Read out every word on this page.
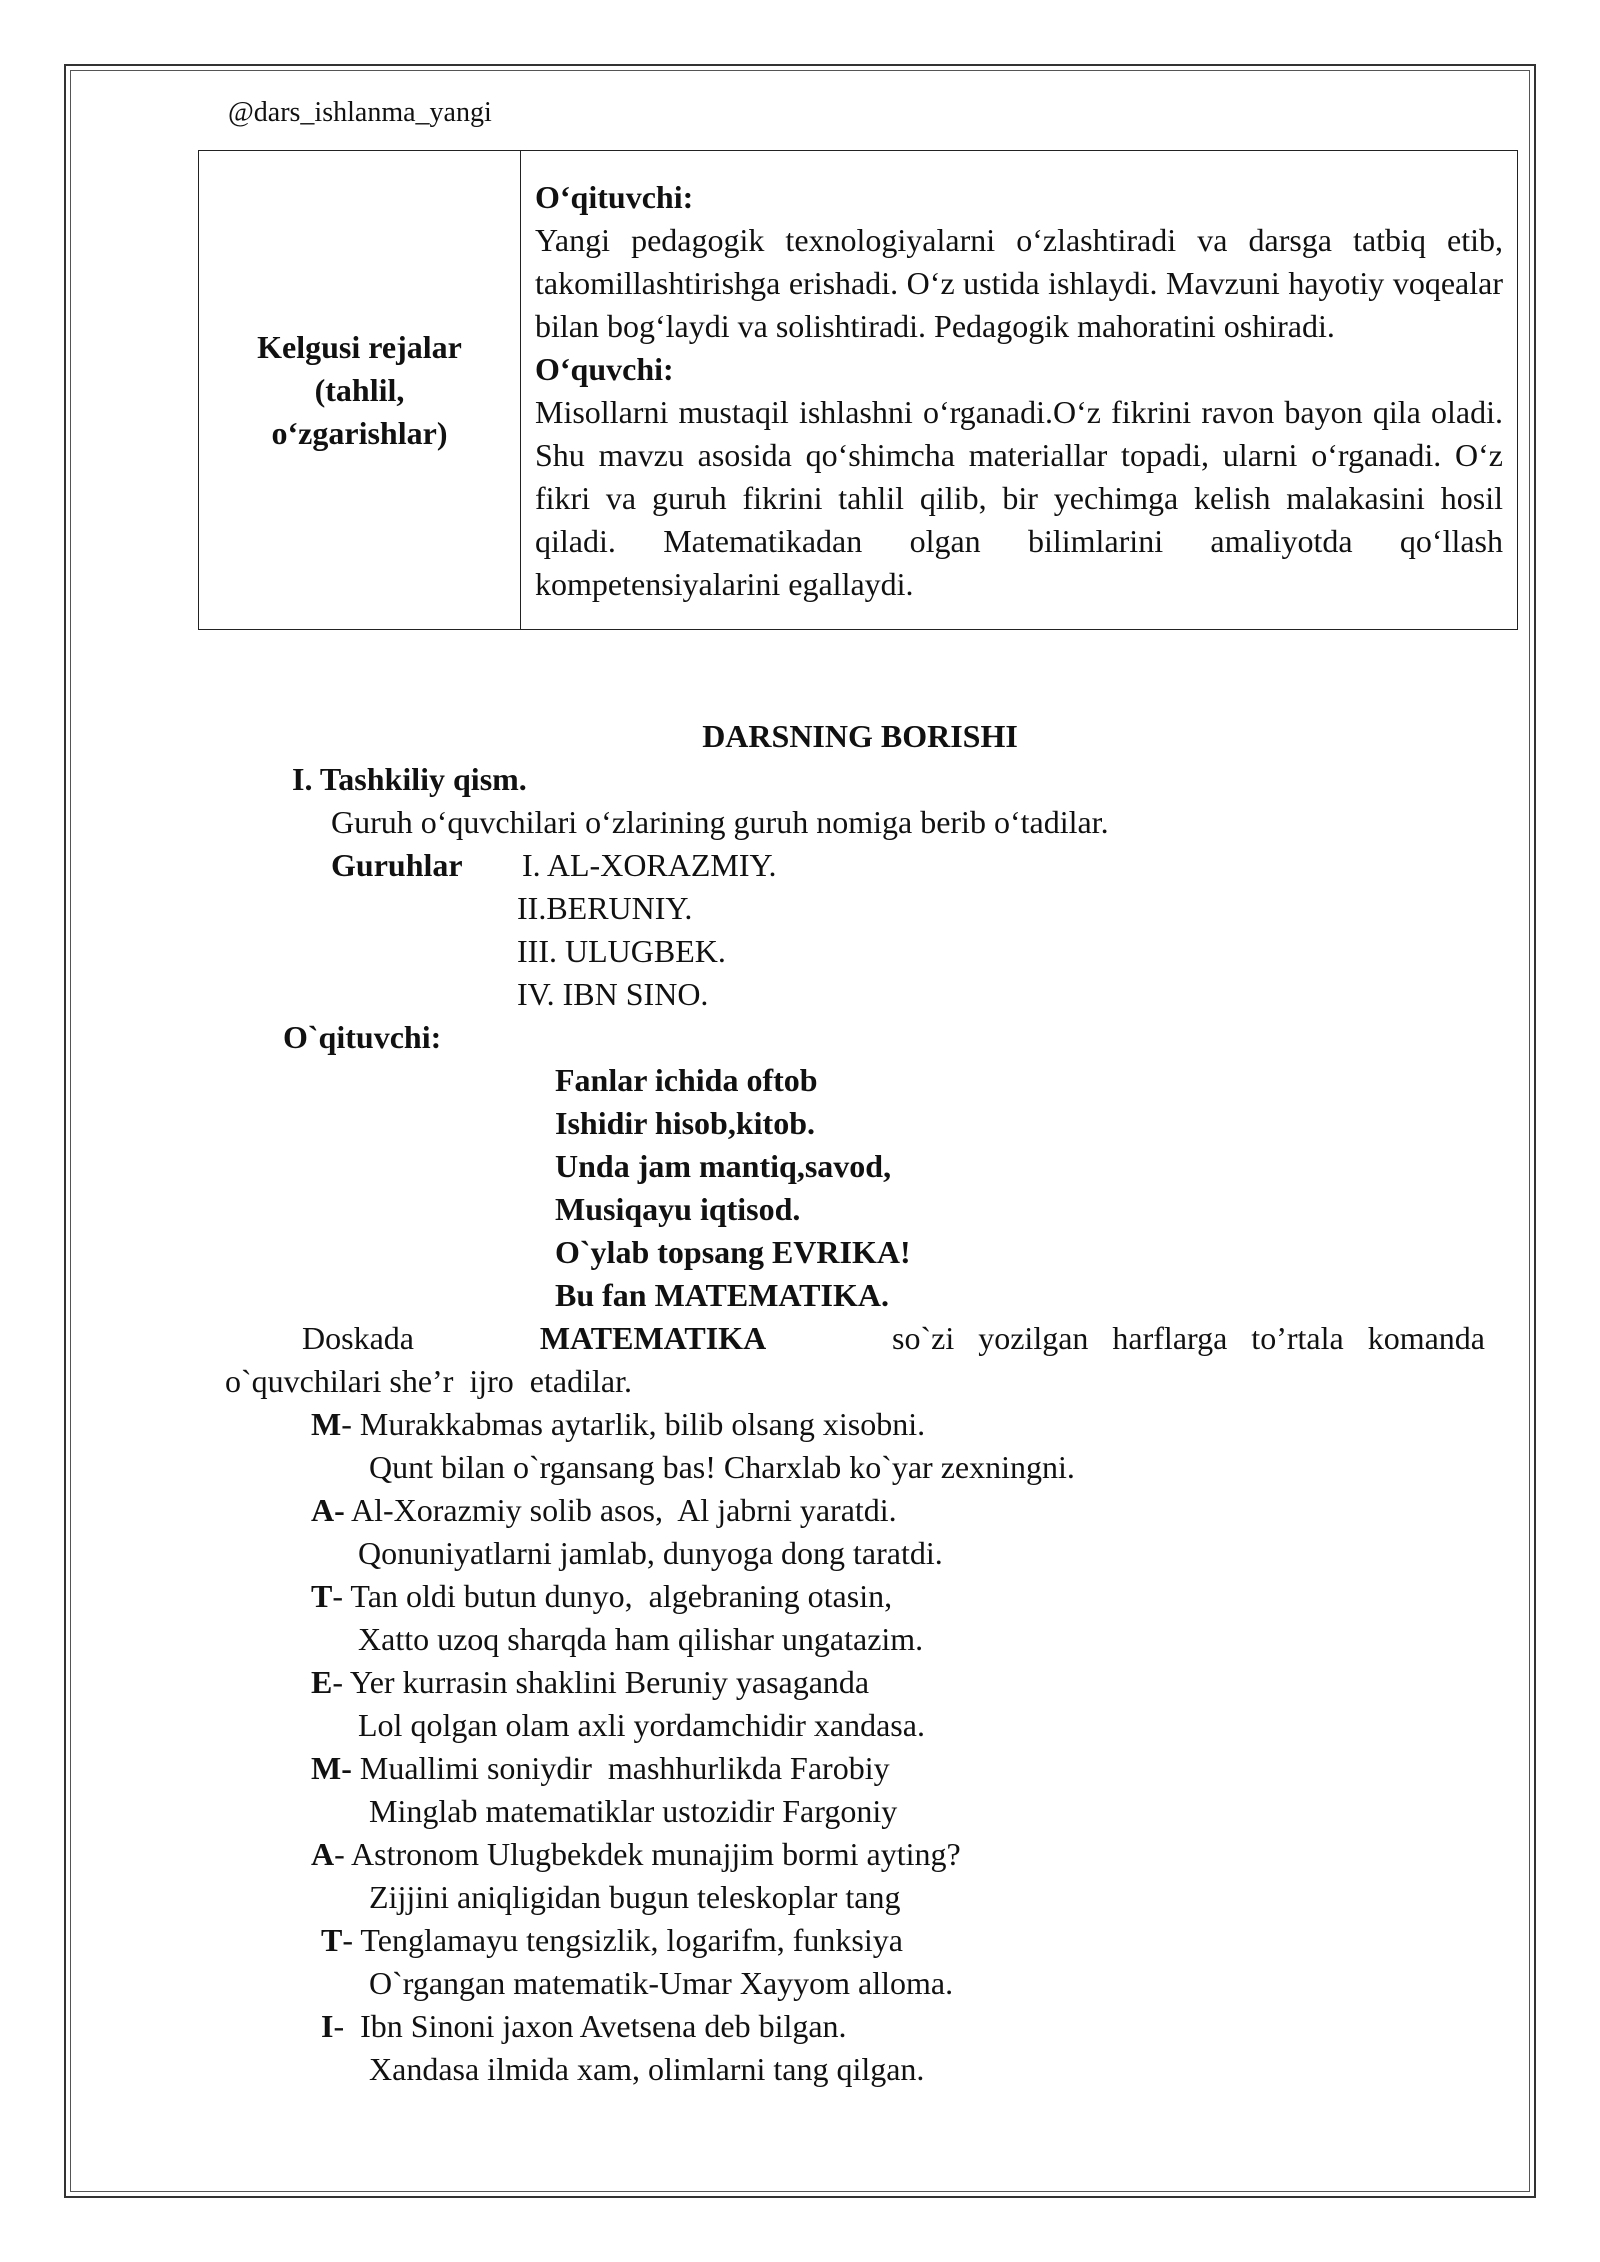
@dars_ishlanma_yangi
Kelgusi rejalar
(tahlil,
o‘zgarishlar)

O‘qituvchi:
Yangi pedagogik texnologiyalarni o‘zlashtiradi va darsga tatbiq etib, takomillashtirishga erishadi. O‘z ustida ishlaydi. Mavzuni hayotiy voqealar bilan bog‘laydi va solishtiradi. Pedagogik mahoratini oshiradi.
O‘quvchi:
Misollarni mustaqil ishlashni o‘rganadi.O‘z fikrini ravon bayon qila oladi. Shu mavzu asosida qo‘shimcha materiallar topadi, ularni o‘rganadi. O‘z fikri va guruh fikrini tahlil qilib, bir yechimga kelish malakasini hosil qiladi. Matematikadan olgan bilimlarini amaliyotda qo‘llash kompetensiyalarini egallaydi.
DARSNING BORISHI
I. Tashkiliy qism.
Guruh o‘quvchilari o‘zlarining guruh nomiga berib o‘tadilar.
Guruhlar I. AL-XORAZMIY.
II.BERUNIY.
III. ULUGBEK.
IV. IBN SINO.
O`qituvchi:
Fanlar ichida oftob
Ishidir hisob,kitob.
Unda jam mantiq,savod,
Musiqayu iqtisod.
O`ylab topsang EVRIKA!
Bu fan MATEMATIKA.
Doskada	MATEMATIKA	so`zi   yozilgan   harflarga   to’rtala   komanda
o`quvchilari she’r  ijro  etadilar.
M- Murakkabmas aytarlik, bilib olsang xisobni.
Qunt bilan o`rgansang bas! Charxlab ko`yar zexningni.
A- Al-Xorazmiy solib asos,  Al jabrni yaratdi.
Qonuniyatlarni jamlab, dunyoga dong taratdi.
T- Tan oldi butun dunyo,  algebraning otasin,
Xatto uzoq sharqda ham qilishar ungatazim.
E- Yer kurrasin shaklini Beruniy yasaganda
Lol qolgan olam axli yordamchidir xandasa.
M- Muallimi soniydir  mashhurlikda Farobiy
Minglab matematiklar ustozidir Fargoniy
A- Astronom Ulugbekdek munajjim bormi ayting?
Zijjini aniqligidan bugun teleskoplar tang
T- Tenglamayu tengsizlik, logarifm, funksiya
O`rgangan matematik-Umar Xayyom alloma.
I-  Ibn Sinoni jaxon Avetsena deb bilgan.
Xandasa ilmida xam, olimlarni tang qilgan.
